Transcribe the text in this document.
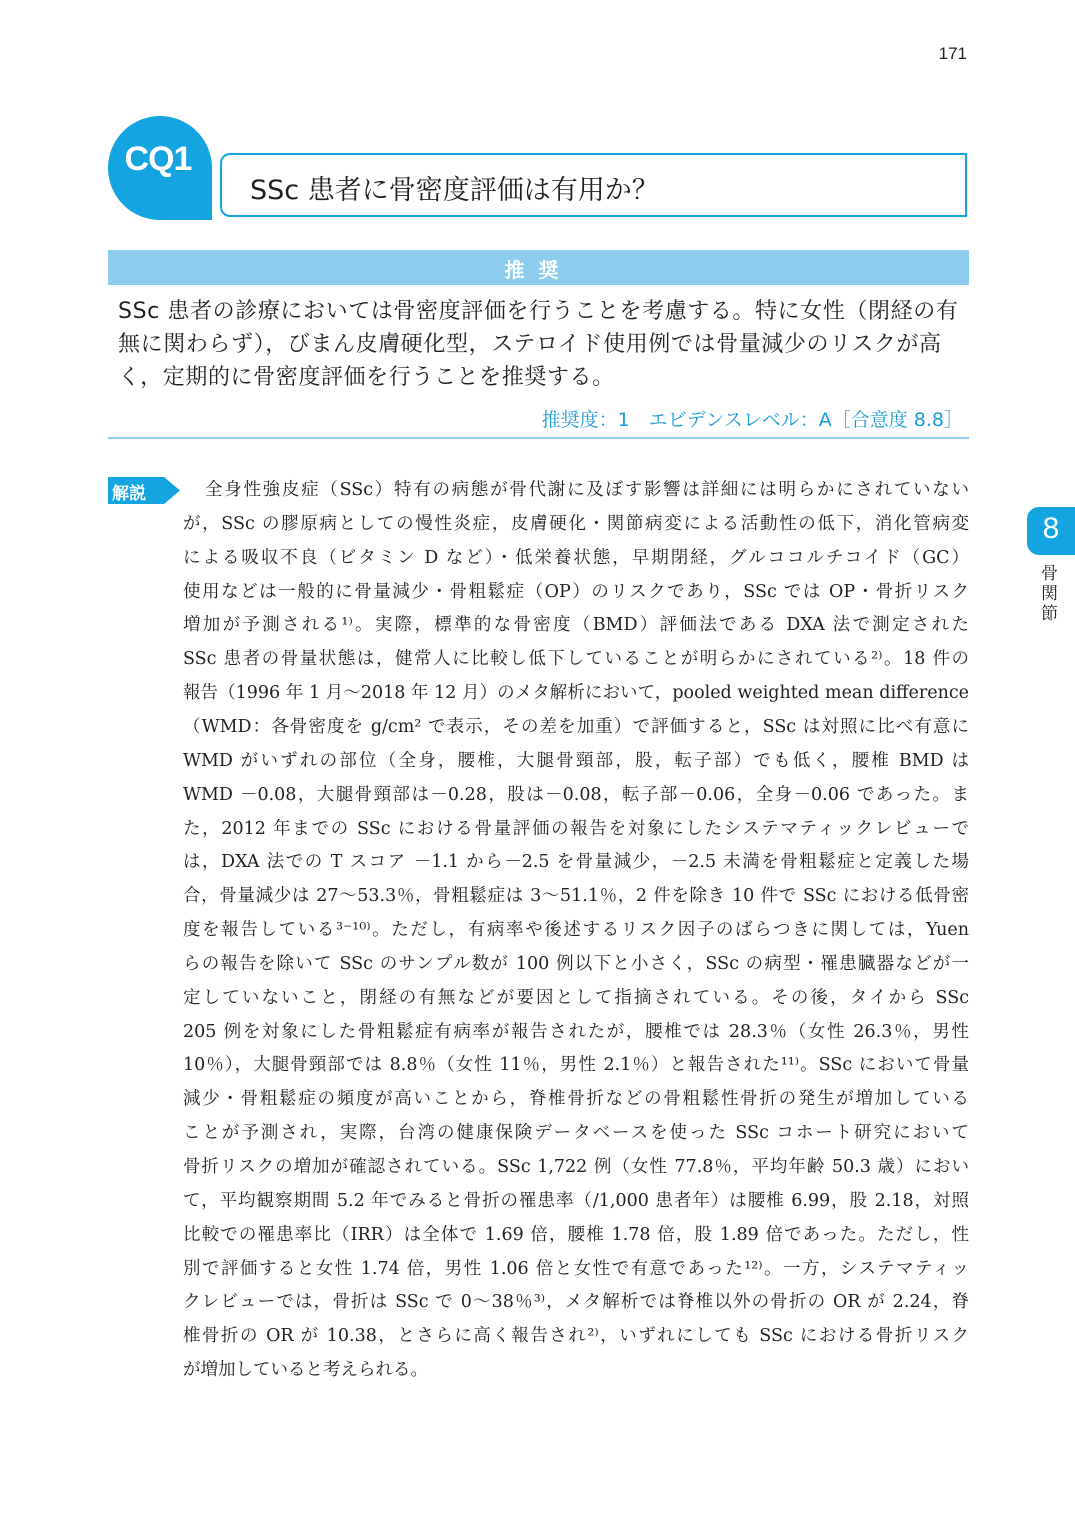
171
CQ1
SSc 患者に骨密度評価は有用か？
推奨
SSc 患者の診療においては骨密度評価を行うことを考慮する。特に女性（閉経の有
無に関わらず），びまん皮膚硬化型，ステロイド使用例では骨量減少のリスクが高
く，定期的に骨密度評価を行うことを推奨する。
推奨度：1　エビデンスレベル：A［合意度 8.8］
解説	全身性強皮症（SSc）特有の病態が骨代謝に及ぼす影響は詳細には明らかにされていない
が，SSc の膠原病としての慢性炎症，皮膚硬化・関節病変による活動性の低下，消化管病変
による吸収不良（ビタミン D など）・低栄養状態，早期閉経，グルココルチコイド（GC）
使用などは一般的に骨量減少・骨粗鬆症（OP）のリスクであり，SSc では OP・骨折リスク
増加が予測される¹⁾。実際，標準的な骨密度（BMD）評価法である DXA 法で測定された
SSc 患者の骨量状態は，健常人に比較し低下していることが明らかにされている²⁾。18 件の
報告（1996 年 1 月～2018 年 12 月）のメタ解析において，pooled weighted mean difference
（WMD：各骨密度を g/cm² で表示，その差を加重）で評価すると，SSc は対照に比べ有意に
WMD がいずれの部位（全身，腰椎，大腿骨頸部，股，転子部）でも低く，腰椎 BMD は
WMD －0.08，大腿骨頸部は－0.28，股は－0.08，転子部－0.06，全身－0.06 であった。ま
た，2012 年までの SSc における骨量評価の報告を対象にしたシステマティックレビューで
は，DXA 法での T スコア －1.1 から－2.5 を骨量減少，－2.5 未満を骨粗鬆症と定義した場
合，骨量減少は 27～53.3％，骨粗鬆症は 3～51.1％，2 件を除き 10 件で SSc における低骨密
度を報告している³⁻¹⁰⁾。ただし，有病率や後述するリスク因子のばらつきに関しては，Yuen
らの報告を除いて SSc のサンプル数が 100 例以下と小さく，SSc の病型・罹患臓器などが一
定していないこと，閉経の有無などが要因として指摘されている。その後，タイから SSc
205 例を対象にした骨粗鬆症有病率が報告されたが，腰椎では 28.3％（女性 26.3％，男性
10％），大腿骨頸部では 8.8％（女性 11％，男性 2.1％）と報告された¹¹⁾。SSc において骨量
減少・骨粗鬆症の頻度が高いことから，脊椎骨折などの骨粗鬆性骨折の発生が増加している
ことが予測され，実際，台湾の健康保険データベースを使った SSc コホート研究において
骨折リスクの増加が確認されている。SSc 1,722 例（女性 77.8％，平均年齢 50.3 歳）におい
て，平均観察期間 5.2 年でみると骨折の罹患率（/1,000 患者年）は腰椎 6.99，股 2.18，対照
比較での罹患率比（IRR）は全体で 1.69 倍，腰椎 1.78 倍，股 1.89 倍であった。ただし，性
別で評価すると女性 1.74 倍，男性 1.06 倍と女性で有意であった¹²⁾。一方，システマティッ
クレビューでは，骨折は SSc で 0～38％³⁾，メタ解析では脊椎以外の骨折の OR が 2.24，脊
椎骨折の OR が 10.38，とさらに高く報告され²⁾，いずれにしても SSc における骨折リスク
が増加していると考えられる。
8
骨関節
